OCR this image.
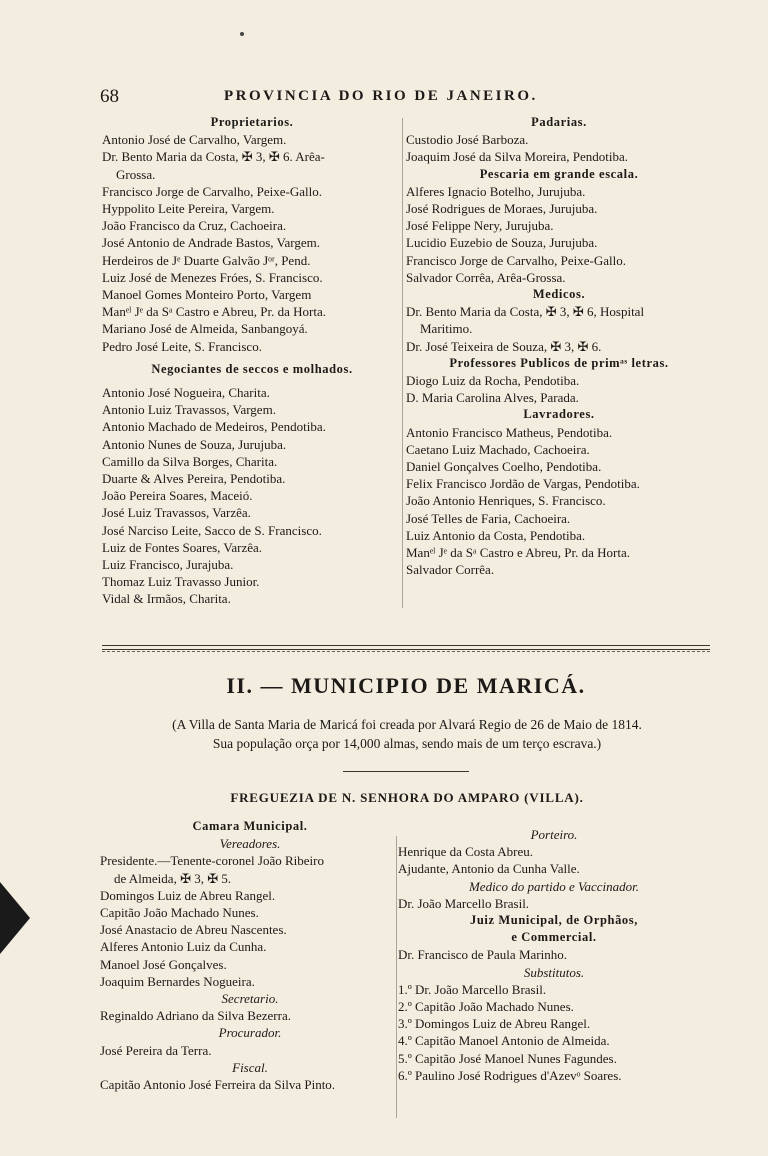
68	PROVINCIA DO RIO DE JANEIRO.
Proprietarios.
Antonio José de Carvalho, Vargem.
Dr. Bento Maria da Costa, ✠ 3, ✠ 6. Arêa-
Grossa.
Francisco Jorge de Carvalho, Peixe-Gallo.
Hyppolito Leite Pereira, Vargem.
João Francisco da Cruz, Cachoeira.
José Antonio de Andrade Bastos, Vargem.
Herdeiros de Jᵉ Duarte Galvão Jᵒʳ, Pend.
Luiz José de Menezes Fróes, S. Francisco.
Manoel Gomes Monteiro Porto, Vargem
Manᵉˡ Jᵉ da Sᵃ Castro e Abreu, Pr. da Horta.
Mariano José de Almeida, Sanbangoyá.
Pedro José Leite, S. Francisco.
Negociantes de seccos e molhados.
Antonio José Nogueira, Charita.
Antonio Luiz Travassos, Vargem.
Antonio Machado de Medeiros, Pendotiba.
Antonio Nunes de Souza, Jurujuba.
Camillo da Silva Borges, Charita.
Duarte & Alves Pereira, Pendotiba.
João Pereira Soares, Maceió.
José Luiz Travassos, Varzêa.
José Narciso Leite, Sacco de S. Francisco.
Luiz de Fontes Soares, Varzêa.
Luiz Francisco, Jurajuba.
Thomaz Luiz Travasso Junior.
Vidal & Irmãos, Charita.
Padarias.
Custodio José Barboza.
Joaquim José da Silva Moreira, Pendotiba.
Pescaria em grande escala.
Alferes Ignacio Botelho, Jurujuba.
José Rodrigues de Moraes, Jurujuba.
José Felippe Nery, Jurujuba.
Lucidio Euzebio de Souza, Jurujuba.
Francisco Jorge de Carvalho, Peixe-Gallo.
Salvador Corrêa, Arêa-Grossa.
Medicos.
Dr. Bento Maria da Costa, ✠ 3, ✠ 6, Hospital
Maritimo.
Dr. José Teixeira de Souza, ✠ 3, ✠ 6.
Professores Publicos de primᵃˢ letras.
Diogo Luiz da Rocha, Pendotiba.
D. Maria Carolina Alves, Parada.
Lavradores.
Antonio Francisco Matheus, Pendotiba.
Caetano Luiz Machado, Cachoeira.
Daniel Gonçalves Coelho, Pendotiba.
Felix Francisco Jordão de Vargas, Pendotiba.
João Antonio Henriques, S. Francisco.
José Telles de Faria, Cachoeira.
Luiz Antonio da Costa, Pendotiba.
Manᵉˡ Jᵉ da Sᵃ Castro e Abreu, Pr. da Horta.
Salvador Corrêa.
II. — MUNICIPIO DE MARICÁ.
(A Villa de Santa Maria de Maricá foi creada por Alvará Regio de 26 de Maio de 1814.
Sua população orça por 14,000 almas, sendo mais de um terço escrava.)
FREGUEZIA DE N. SENHORA DO AMPARO (VILLA).
Camara Municipal.
Vereadores.
Presidente.—Tenente-coronel João Ribeiro
de Almeida, ✠ 3, ✠ 5.
Domingos Luiz de Abreu Rangel.
Capitão João Machado Nunes.
José Anastacio de Abreu Nascentes.
Alferes Antonio Luiz da Cunha.
Manoel José Gonçalves.
Joaquim Bernardes Nogueira.
Secretario.
Reginaldo Adriano da Silva Bezerra.
Procurador.
José Pereira da Terra.
Fiscal.
Capitão Antonio José Ferreira da Silva Pinto.
Porteiro.
Henrique da Costa Abreu.
Ajudante, Antonio da Cunha Valle.
Medico do partido e Vaccinador.
Dr. João Marcello Brasil.
Juiz Municipal, de Orphãos,
e Commercial.
Dr. Francisco de Paula Marinho.
Substitutos.
1.º Dr. João Marcello Brasil.
2.º Capitão João Machado Nunes.
3.º Domingos Luiz de Abreu Rangel.
4.º Capitão Manoel Antonio de Almeida.
5.º Capitão José Manoel Nunes Fagundes.
6.º Paulino José Rodrigues d'Azevᵒ Soares.
